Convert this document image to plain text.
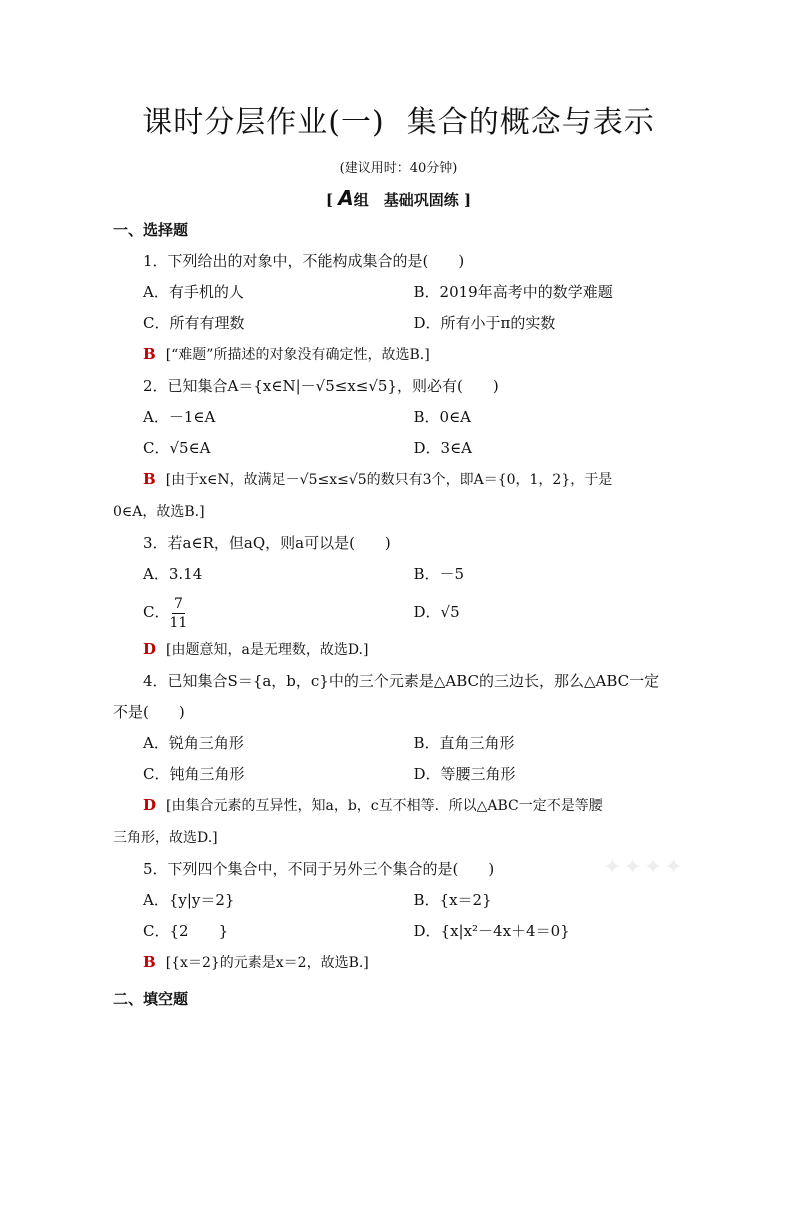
课时分层作业(一) 集合的概念与表示
(建议用时：40分钟)
[ A组　基础巩固练 ]
一、选择题
1．下列给出的对象中，不能构成集合的是(　　)
A．有手机的人	B．2019年高考中的数学难题
C．所有有理数	D．所有小于π的实数
B [“难题”所描述的对象没有确定性，故选B.]
2．已知集合A＝{x∈N|－√5≤x≤√5}，则必有(　　)
A．－1∈A	B．0∈A
C．√5∈A	D．3∈A
B [由于x∈N，故满足－√5≤x≤√5的数只有3个，即A＝{0，1，2}，于是
0∈A，故选B.]
3．若a∈R，但aQ，则a可以是(　　)
A．3.14	B．－5
C． $\frac{7}{11}$	D．√5
D [由题意知，a是无理数，故选D.]
4．已知集合S＝{a，b，c}中的三个元素是△ABC的三边长，那么△ABC一定
不是(　　)
A．锐角三角形	B．直角三角形
C．钝角三角形	D．等腰三角形
D [由集合元素的互异性，知a，b，c互不相等．所以△ABC一定不是等腰
三角形，故选D.]
5．下列四个集合中，不同于另外三个集合的是(　　)
A．{y|y＝2}	B．{x＝2}
C．{2　　}	D．{x|x²－4x＋4＝0}
B [{x＝2}的元素是x＝2，故选B.]
二、填空题
✦✦✦✦
